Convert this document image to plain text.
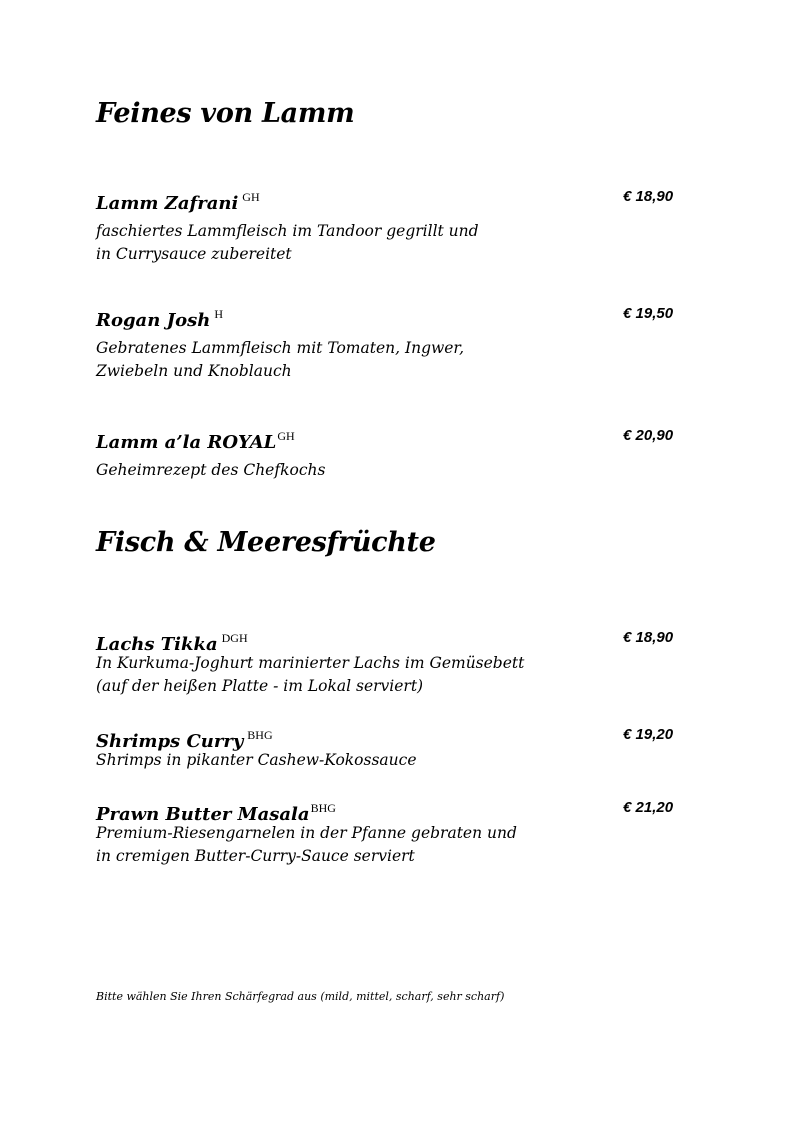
Feines von Lamm
Lamm Zafrani $^{GH}$	€ 18,90

faschiertes Lammfleisch im Tandoor gegrillt und
in Currysauce zubereitet

Rogan Josh $^H$	€ 19,50

Gebratenes Lammfleisch mit Tomaten, Ingwer,
Zwiebeln und Knoblauch

Lamm a’la $ROYAL^{GH}$	€ 20,90

Geheimrezept des Chefkochs

Fisch & Meeresfrüchte
Lachs Tikka $^{DGH}$	€ 18,90

In Kurkuma-Joghurt marinierter Lachs im Gemüsebett
(auf der heißen Platte - im Lokal serviert)

Shrimps Curry $^{BHG}$	€ 19,20

Shrimps in pikanter Cashew-Kokossauce

Prawn Butter Masala$^{BHG}$	€ 21,20

Premium-Riesengarnelen in der Pfanne gebraten und
in cremigen Butter-Curry-Sauce serviert

Bitte wählen Sie Ihren Schärfegrad aus (mild, mittel, scharf, sehr scharf)
